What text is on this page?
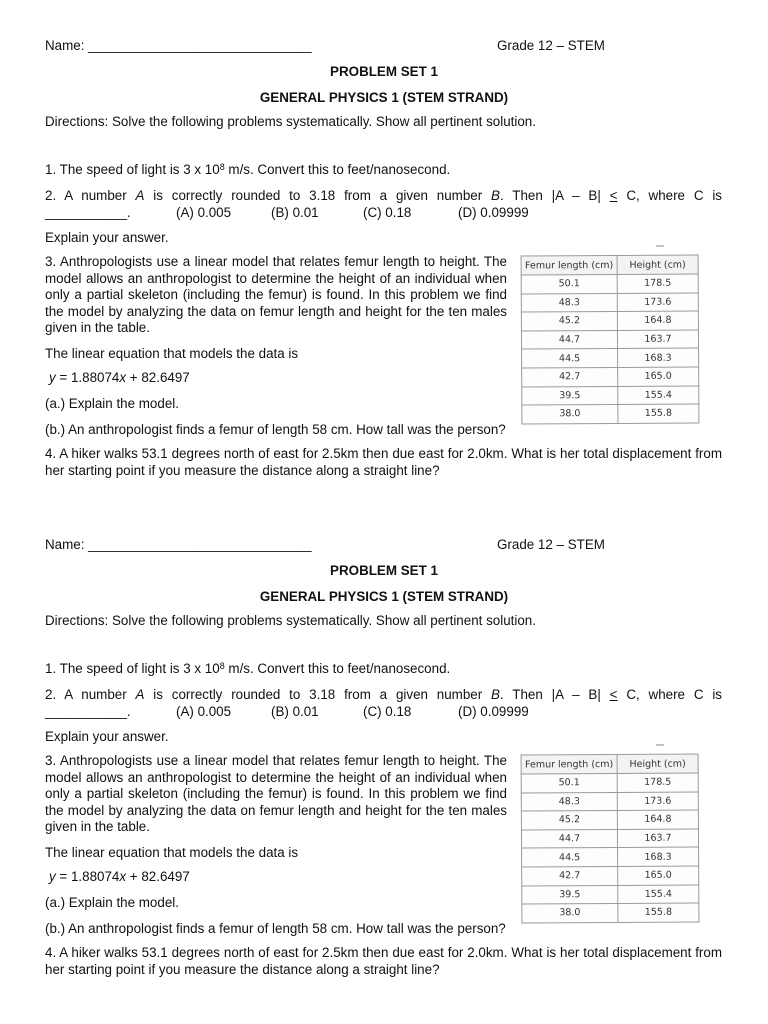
Name: ______________________________	Grade 12 – STEM
PROBLEM SET 1
GENERAL PHYSICS 1 (STEM STRAND)
Directions: Solve the following problems systematically. Show all pertinent solution.
1. The speed of light is 3 x $10^8$ m/s. Convert this to feet/nanosecond.
2. A number A is correctly rounded to 3.18 from a given number B. Then |A – B| < C, where C is
___________.	(A) 0.005	(B) 0.01	(C) 0.18	(D) 0.09999
Explain your answer.
3. Anthropologists use a linear model that relates femur length to height. The model allows an anthropologist to determine the height of an individual when only a partial skeleton (including the femur) is found. In this problem we find the model by analyzing the data on femur length and height for the ten males given in the table.
Femur length (cm)	Height (cm)
50.1	178.5
48.3	173.6
45.2	164.8
44.7	163.7
44.5	168.3
42.7	165.0
39.5	155.4
38.0	155.8
The linear equation that models the data is
y = 1.88074x + 82.6497
(a.) Explain the model.
(b.) An anthropologist finds a femur of length 58 cm. How tall was the person?
4. A hiker walks 53.1 degrees north of east for 2.5km then due east for 2.0km. What is her total displacement from her starting point if you measure the distance along a straight line?
Name: ______________________________	Grade 12 – STEM
PROBLEM SET 1
GENERAL PHYSICS 1 (STEM STRAND)
Directions: Solve the following problems systematically. Show all pertinent solution.
1. The speed of light is 3 x $10^8$ m/s. Convert this to feet/nanosecond.
2. A number A is correctly rounded to 3.18 from a given number B. Then |A – B| < C, where C is
___________.	(A) 0.005	(B) 0.01	(C) 0.18	(D) 0.09999
Explain your answer.
3. Anthropologists use a linear model that relates femur length to height. The model allows an anthropologist to determine the height of an individual when only a partial skeleton (including the femur) is found. In this problem we find the model by analyzing the data on femur length and height for the ten males given in the table.
Femur length (cm)	Height (cm)
50.1	178.5
48.3	173.6
45.2	164.8
44.7	163.7
44.5	168.3
42.7	165.0
39.5	155.4
38.0	155.8
The linear equation that models the data is
y = 1.88074x + 82.6497
(a.) Explain the model.
(b.) An anthropologist finds a femur of length 58 cm. How tall was the person?
4. A hiker walks 53.1 degrees north of east for 2.5km then due east for 2.0km. What is her total displacement from her starting point if you measure the distance along a straight line?
